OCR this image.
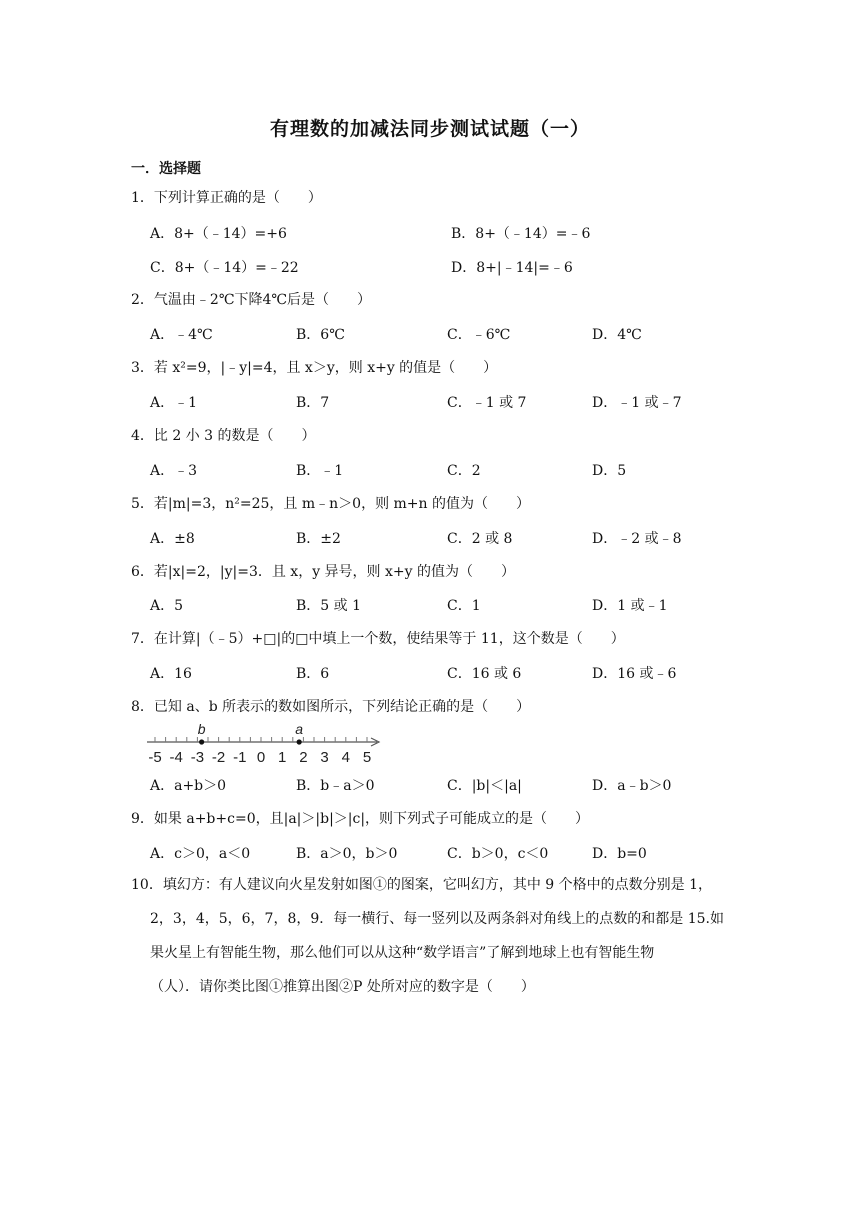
有理数的加减法同步测试试题（一）
一．选择题
1．下列计算正确的是（　　）
A．8+（﹣14）=+6	B．8+（﹣14）=﹣6
C．8+（﹣14）=﹣22	D．8+|﹣14|=﹣6
2．气温由﹣2℃下降4℃后是（　　）
A．﹣4℃	B．6℃	C．﹣6℃	D．4℃
3．若 x²=9，|﹣y|=4，且 x＞y，则 x+y 的值是（　　）
A．﹣1	B．7	C．﹣1 或 7	D．﹣1 或﹣7
4．比 2 小 3 的数是（　　）
A．﹣3	B．﹣1	C．2	D．5
5．若|m|=3，n²=25，且 m﹣n＞0，则 m+n 的值为（　　）
A．±8	B．±2	C．2 或 8	D．﹣2 或﹣8
6．若|x|=2，|y|=3．且 x，y 异号，则 x+y 的值为（　　）
A．5	B．5 或 1	C．1	D．1 或﹣1
7．在计算|（﹣5）+□|的□中填上一个数，使结果等于 11，这个数是（　　）
A．16	B．6	C．16 或 6	D．16 或﹣6
8．已知 a、b 所表示的数如图所示，下列结论正确的是（　　）
-5 -4 -3 -2 -1 0 1 2 3 4 5
b	a
A．a+b＞0	B．b﹣a＞0	C．|b|＜|a|	D．a﹣b＞0
9．如果 a+b+c=0，且|a|＞|b|＞|c|，则下列式子可能成立的是（　　）
A．c＞0，a＜0	B．a＞0，b＞0	C．b＞0，c＜0	D．b=0
10．填幻方：有人建议向火星发射如图①的图案，它叫幻方，其中 9 个格中的点数分别是 1，
2，3，4，5，6，7，8，9．每一横行、每一竖列以及两条斜对角线上的点数的和都是 15.如
果火星上有智能生物，那么他们可以从这种“数学语言”了解到地球上也有智能生物
（人）．请你类比图①推算出图②P 处所对应的数字是（　　）
